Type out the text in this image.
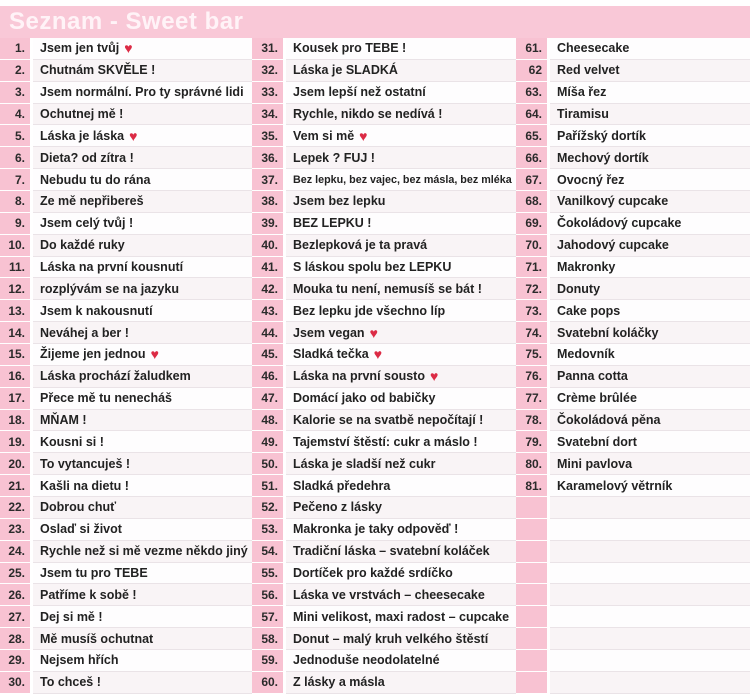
Seznam - Sweet bar
1.	Jsem jen tvůj ♥
2.	Chutnám SKVĚLE !
3.	Jsem normální. Pro ty správné lidi
4.	Ochutnej mě !
5.	Láska je láska ♥
6.	Dieta? od zítra !
7.	Nebudu tu do rána
8.	Ze mě nepřibereš
9.	Jsem celý tvůj !
10.	Do každé ruky
11.	Láska na první kousnutí
12.	rozplývám se na jazyku
13.	Jsem k nakousnutí
14.	Neváhej a ber !
15.	Žijeme jen jednou ♥
16.	Láska prochází žaludkem
17.	Přece mě tu nenecháš
18.	MŇAM !
19.	Kousni si !
20.	To vytancuješ !
21.	Kašli na dietu !
22.	Dobrou chuť
23.	Oslaď si život
24.	Rychle než si mě vezme někdo jiný
25.	Jsem tu pro TEBE
26.	Patříme k sobě !
27.	Dej si mě !
28.	Mě musíš ochutnat
29.	Nejsem hřích
30.	To chceš !
31.	Kousek pro TEBE !
32.	Láska je SLADKÁ
33.	Jsem lepší než ostatní
34.	Rychle, nikdo se nedívá !
35.	Vem si mě ♥
36.	Lepek ? FUJ !
37.	Bez lepku, bez vajec, bez másla, bez mléka
38.	Jsem bez lepku
39.	BEZ LEPKU !
40.	Bezlepková je ta pravá
41.	S láskou spolu bez LEPKU
42.	Mouka tu není, nemusíš se bát !
43.	Bez lepku jde všechno líp
44.	Jsem vegan ♥
45.	Sladká tečka ♥
46.	Láska na první sousto ♥
47.	Domácí jako od babičky
48.	Kalorie se na svatbě nepočítají !
49.	Tajemství štěstí: cukr a máslo !
50.	Láska je sladší než cukr
51.	Sladká předehra
52.	Pečeno z lásky
53.	Makronka je taky odpověď !
54.	Tradiční láska – svatební koláček
55.	Dortíček pro každé srdíčko
56.	Láska ve vrstvách – cheesecake
57.	Mini velikost, maxi radost – cupcake
58.	Donut – malý kruh velkého štěstí
59.	Jednoduše neodolatelné
60.	Z lásky a másla
61.	Cheesecake
62	Red velvet
63.	Míša řez
64.	Tiramisu
65.	Pařížský dortík
66.	Mechový dortík
67.	Ovocný řez
68.	Vanilkový cupcake
69.	Čokoládový cupcake
70.	Jahodový cupcake
71.	Makronky
72.	Donuty
73.	Cake pops
74.	Svatební koláčky
75.	Medovník
76.	Panna cotta
77.	Crème brûlée
78.	Čokoládová pěna
79.	Svatební dort
80.	Mini pavlova
81.	Karamelový větrník
